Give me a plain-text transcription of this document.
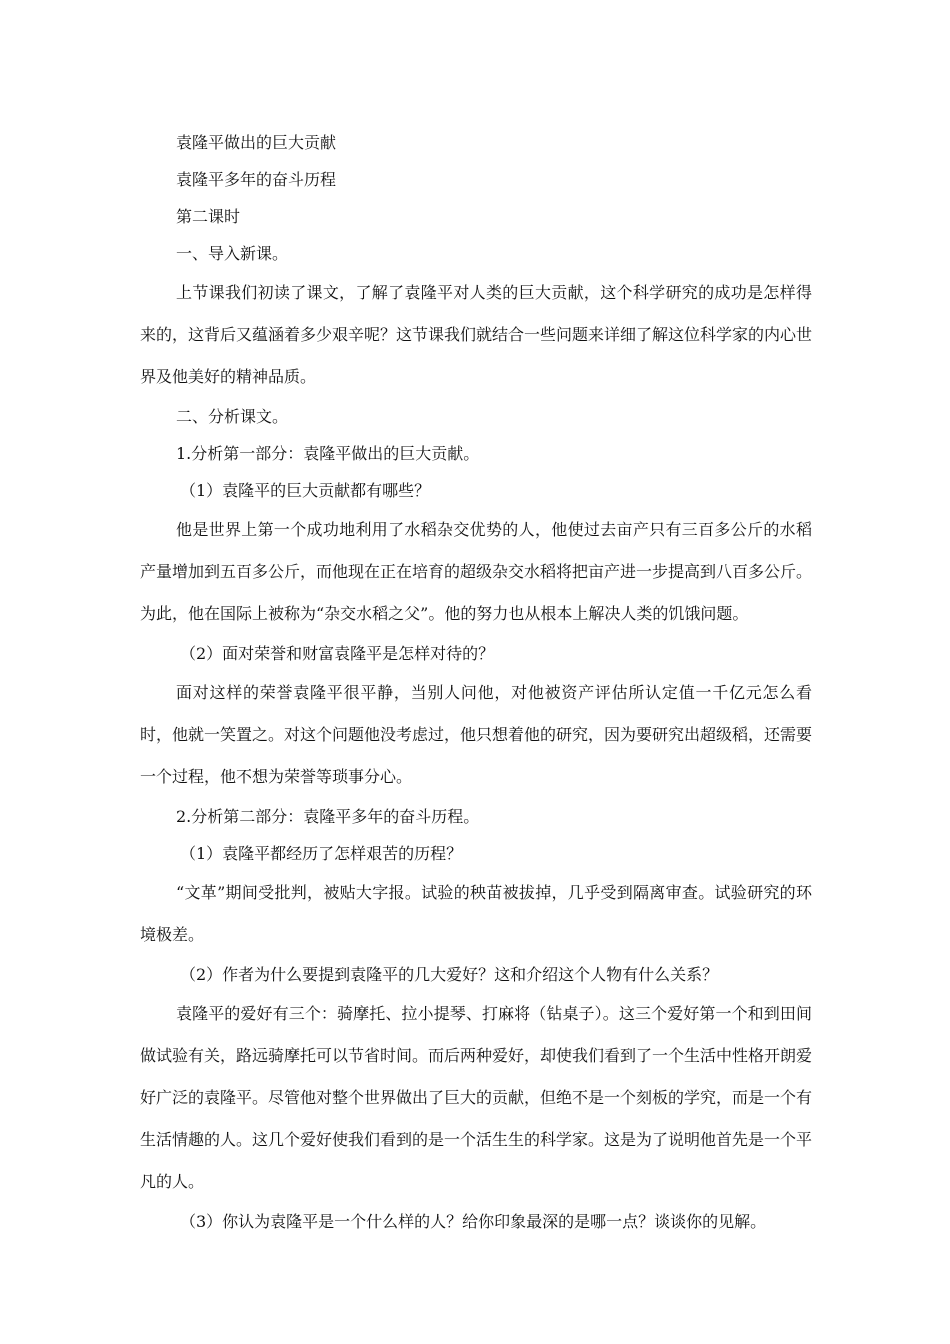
袁隆平做出的巨大贡献

袁隆平多年的奋斗历程

第二课时

一、导入新课。

上节课我们初读了课文，了解了袁隆平对人类的巨大贡献，这个科学研究的成功是怎样得来的，这背后又蕴涵着多少艰辛呢？这节课我们就结合一些问题来详细了解这位科学家的内心世界及他美好的精神品质。

二、分析课文。

1.分析第一部分：袁隆平做出的巨大贡献。

（1）袁隆平的巨大贡献都有哪些？

他是世界上第一个成功地利用了水稻杂交优势的人，他使过去亩产只有三百多公斤的水稻产量增加到五百多公斤，而他现在正在培育的超级杂交水稻将把亩产进一步提高到八百多公斤。为此，他在国际上被称为“杂交水稻之父”。他的努力也从根本上解决人类的饥饿问题。

（2）面对荣誉和财富袁隆平是怎样对待的？

面对这样的荣誉袁隆平很平静，当别人问他，对他被资产评估所认定值一千亿元怎么看时，他就一笑置之。对这个问题他没考虑过，他只想着他的研究，因为要研究出超级稻，还需要一个过程，他不想为荣誉等琐事分心。

2.分析第二部分：袁隆平多年的奋斗历程。

（1）袁隆平都经历了怎样艰苦的历程？

“文革”期间受批判，被贴大字报。试验的秧苗被拔掉，几乎受到隔离审查。试验研究的环境极差。

（2）作者为什么要提到袁隆平的几大爱好？这和介绍这个人物有什么关系？

袁隆平的爱好有三个：骑摩托、拉小提琴、打麻将（钻桌子）。这三个爱好第一个和到田间做试验有关，路远骑摩托可以节省时间。而后两种爱好，却使我们看到了一个生活中性格开朗爱好广泛的袁隆平。尽管他对整个世界做出了巨大的贡献，但绝不是一个刻板的学究，而是一个有生活情趣的人。这几个爱好使我们看到的是一个活生生的科学家。这是为了说明他首先是一个平凡的人。

（3）你认为袁隆平是一个什么样的人？给你印象最深的是哪一点？谈谈你的见解。
